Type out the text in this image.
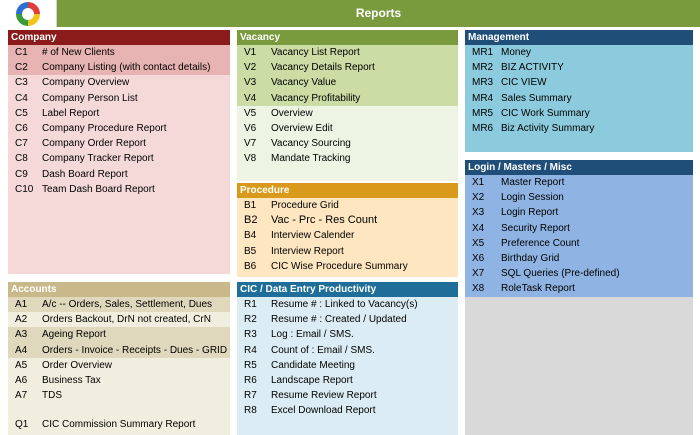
Reports
Company
C1 # of New Clients
C2 Company Listing (with contact details)
C3 Company Overview
C4 Company Person List
C5 Label Report
C6 Company Procedure Report
C7 Company Order Report
C8 Company Tracker Report
C9 Dash Board Report
C10 Team Dash Board Report
Accounts
A1 A/c -- Orders, Sales, Settlement, Dues
A2 Orders Backout, DrN not created, CrN
A3 Ageing Report
A4 Orders - Invoice - Receipts - Dues - GRID
A5 Order Overview
A6 Business Tax
A7 TDS
Q1 CIC Commission Summary Report
Vacancy
V1 Vacancy List Report
V2 Vacancy Details Report
V3 Vacancy Value
V4 Vacancy Profitability
V5 Overview
V6 Overview Edit
V7 Vacancy Sourcing
V8 Mandate Tracking
Procedure
B1 Procedure Grid
B2 Vac - Prc - Res Count
B4 Interview Calender
B5 Interview Report
B6 CIC Wise Procedure Summary
CIC / Data Entry Productivity
R1 Resume # : Linked to Vacancy(s)
R2 Resume # : Created / Updated
R3 Log : Email / SMS.
R4 Count of : Email / SMS.
R5 Candidate Meeting
R6 Landscape Report
R7 Resume Review Report
R8 Excel Download Report
Management
MR1 Money
MR2 BIZ ACTIVITY
MR3 CIC VIEW
MR4 Sales Summary
MR5 CIC Work Summary
MR6 Biz Activity Summary
Login / Masters / Misc
X1 Master Report
X2 Login Session
X3 Login Report
X4 Security Report
X5 Preference Count
X6 Birthday Grid
X7 SQL Queries (Pre-defined)
X8 RoleTask Report
